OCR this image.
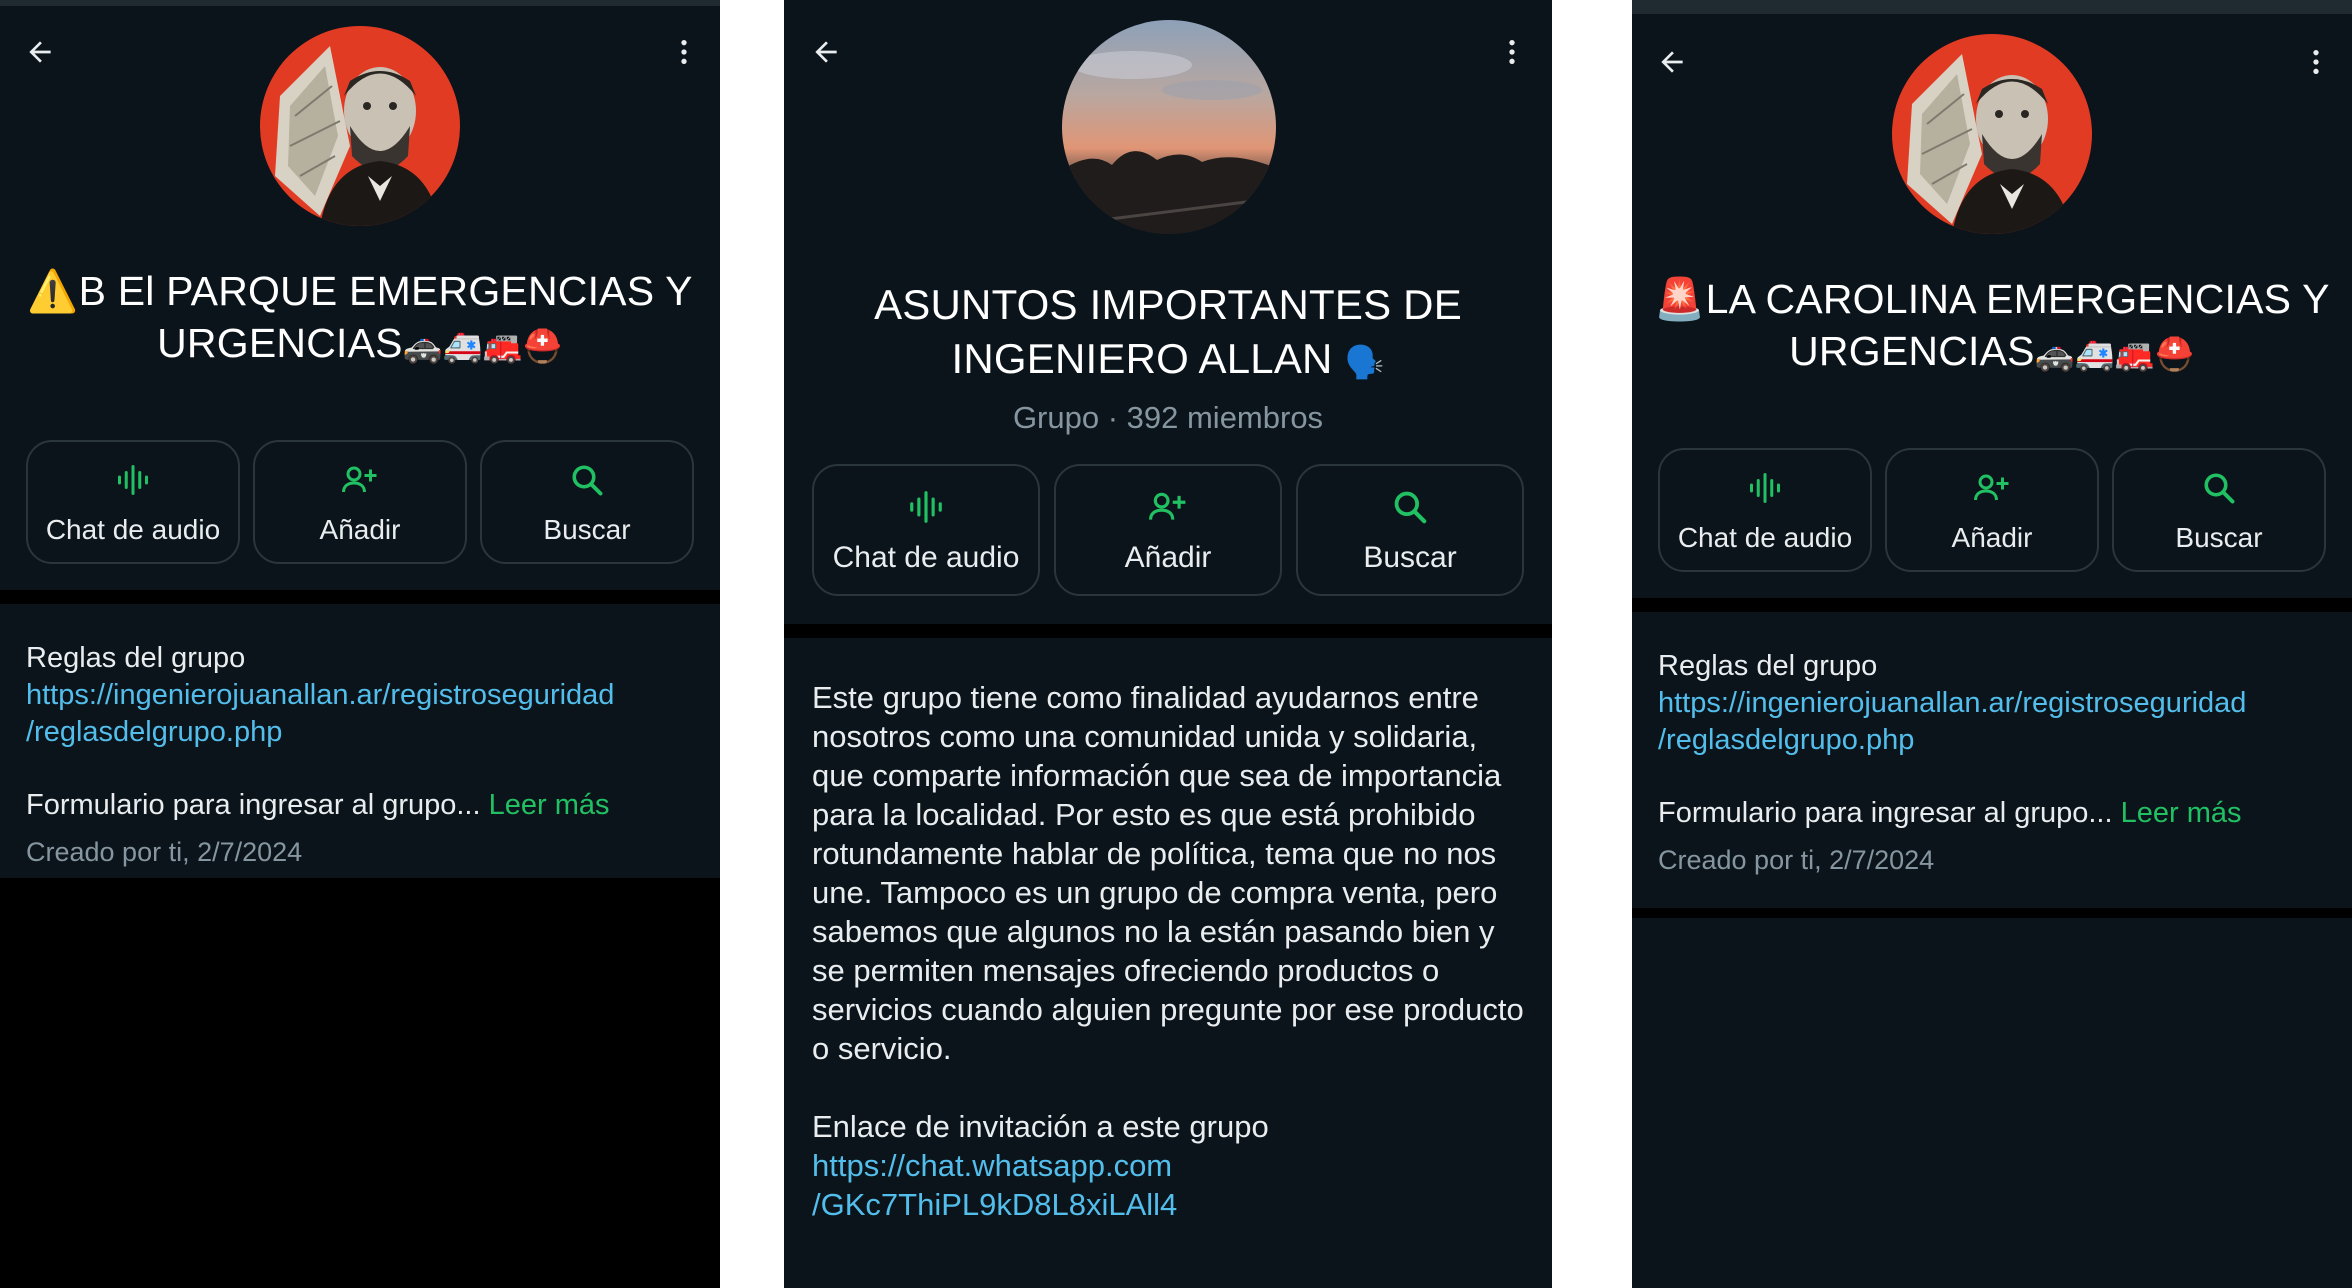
⚠️B El PARQUE EMERGENCIAS Y URGENCIAS🚓🚑🚒⛑️
Chat de audio	Añadir	Buscar
Reglas del grupo
https://ingenierojuanallan.ar/registroseguridad
/reglasdelgrupo.php
Formulario para ingresar al grupo... Leer más
Creado por ti, 2/7/2024
ASUNTOS IMPORTANTES DE INGENIERO ALLAN 🗣️
Grupo · 392 miembros
Chat de audio	Añadir	Buscar
Este grupo tiene como finalidad ayudarnos entre nosotros como una comunidad unida y solidaria, que comparte información que sea de importancia para la localidad. Por esto es que está prohibido rotundamente hablar de política, tema que no nos une. Tampoco es un grupo de compra venta, pero sabemos que algunos no la están pasando bien y se permiten mensajes ofreciendo productos o servicios cuando alguien pregunte por ese producto o servicio.
Enlace de invitación a este grupo
https://chat.whatsapp.com
/GKc7ThiPL9kD8L8xiLAll4
🚨LA CAROLINA EMERGENCIAS Y URGENCIAS🚓🚑🚒⛑️
Chat de audio	Añadir	Buscar
Reglas del grupo
https://ingenierojuanallan.ar/registroseguridad
/reglasdelgrupo.php
Formulario para ingresar al grupo... Leer más
Creado por ti, 2/7/2024
